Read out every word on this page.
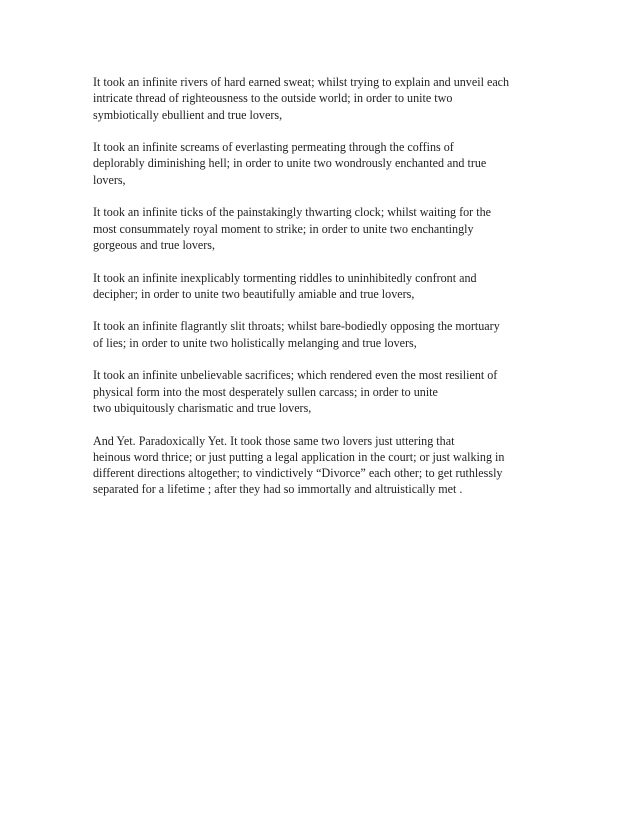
It took an infinite rivers of hard earned sweat; whilst trying to explain and unveil each
intricate thread of righteousness to the outside world; in order to unite two
symbiotically ebullient and true lovers,

It took an infinite screams of everlasting permeating through the coffins of
deplorably diminishing hell; in order to unite two wondrously enchanted and true
lovers,

It took an infinite ticks of the painstakingly thwarting clock; whilst waiting for the
most consummately royal moment to strike; in order to unite two enchantingly
gorgeous and true lovers,

It took an infinite inexplicably tormenting riddles to uninhibitedly confront and
decipher; in order to unite two beautifully amiable and true lovers,

It took an infinite flagrantly slit throats; whilst bare-bodiedly opposing the mortuary
of lies; in order to unite two holistically melanging and true lovers,

It took an infinite unbelievable sacrifices; which rendered even the most resilient of
physical form into the most desperately sullen carcass; in order to unite
two ubiquitously charismatic and true lovers,

And Yet. Paradoxically Yet. It took those same two lovers just uttering that
heinous word thrice; or just putting a legal application in the court; or just walking in
different directions altogether; to vindictively “Divorce” each other; to get ruthlessly
separated for a lifetime ; after they had so immortally and altruistically met .
